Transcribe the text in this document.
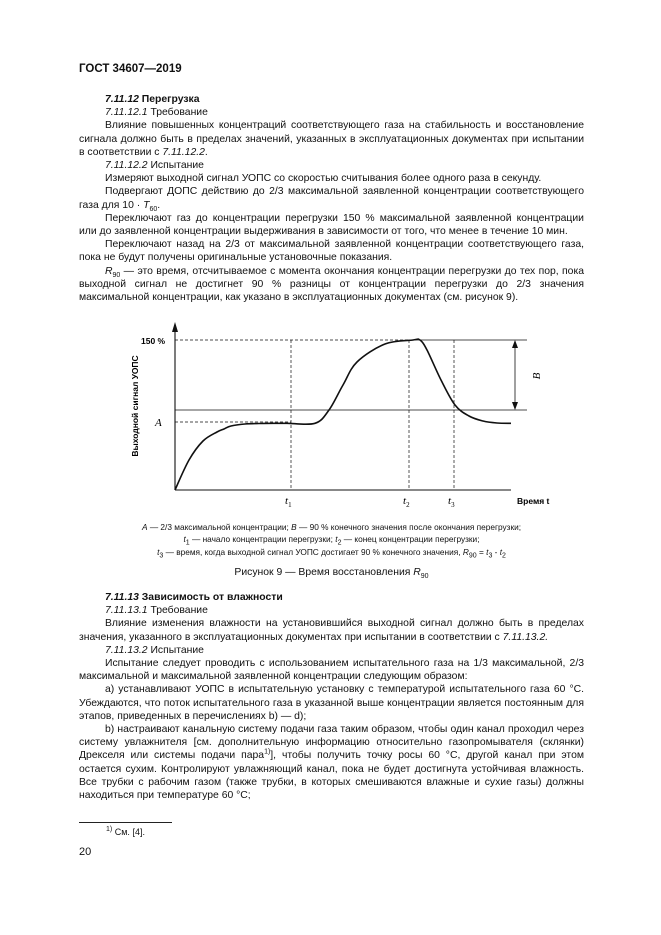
ГОСТ 34607—2019

7.11.12 Перегрузка

7.11.12.1 Требование

Влияние повышенных концентраций соответствующего газа на стабильность и восстановление сигнала должно быть в пределах значений, указанных в эксплуатационных документах при испытании в соответствии с 7.11.12.2.

7.11.12.2 Испытание

Измеряют выходной сигнал УОПС со скоростью считывания более одного раза в секунду.

Подвергают ДОПС действию до 2/3 максимальной заявленной концентрации соответствующего газа для $10 \cdot T_{60}$.

Переключают газ до концентрации перегрузки 150 % максимальной заявленной концентрации или до заявленной концентрации выдерживания в зависимости от того, что менее в течение 10 мин.

Переключают назад на 2/3 от максимальной заявленной концентрации соответствующего газа, пока не будут получены оригинальные установочные показания.

$R_{90}$ — это время, отсчитываемое с момента окончания концентрации перегрузки до тех пор, пока выходной сигнал не достигнет 90 % разницы от концентрации перегрузки до 2/3 значения максимальной концентрации, как указано в эксплуатационных документах (см. рисунок 9).

150 %
A
Выходной сигнал УОПС	B
$t_1$	$t_2$	$t_3$	Время t
A — 2/3 максимальной концентрации; B — 90 % конечного значения после окончания перегрузки;
$t_1$ — начало концентрации перегрузки; $t_2$ — конец концентрации перегрузки;
$t_3$ — время, когда выходной сигнал УОПС достигает 90 % конечного значения, $R_{90} = t_3 - t_2$
Рисунок 9 — Время восстановления $R_{90}$

7.11.13 Зависимость от влажности

7.11.13.1 Требование

Влияние изменения влажности на установившийся выходной сигнал должно быть в пределах значения, указанного в эксплуатационных документах при испытании в соответствии с 7.11.13.2.

7.11.13.2 Испытание

Испытание следует проводить с использованием испытательного газа на 1/3 максимальной, 2/3 максимальной и максимальной заявленной концентрации следующим образом:

а) устанавливают УОПС в испытательную установку с температурой испытательного газа 60 °С. Убеждаются, что поток испытательного газа в указанной выше концентрации является постоянным для этапов, приведенных в перечислениях b) — d);

b) настраивают канальную систему подачи газа таким образом, чтобы один канал проходил через систему увлажнителя [см. дополнительную информацию относительно газопромывателя (склянки) Дрекселя или системы подачи пара$^{1)}$], чтобы получить точку росы 60 °С, другой канал при этом остается сухим. Контролируют увлажняющий канал, пока не будет достигнута устойчивая влажность. Все трубки с рабочим газом (также трубки, в которых смешиваются влажные и сухие газы) должны находиться при температуре 60 °С;

$^{1)}$ См. [4].
20
